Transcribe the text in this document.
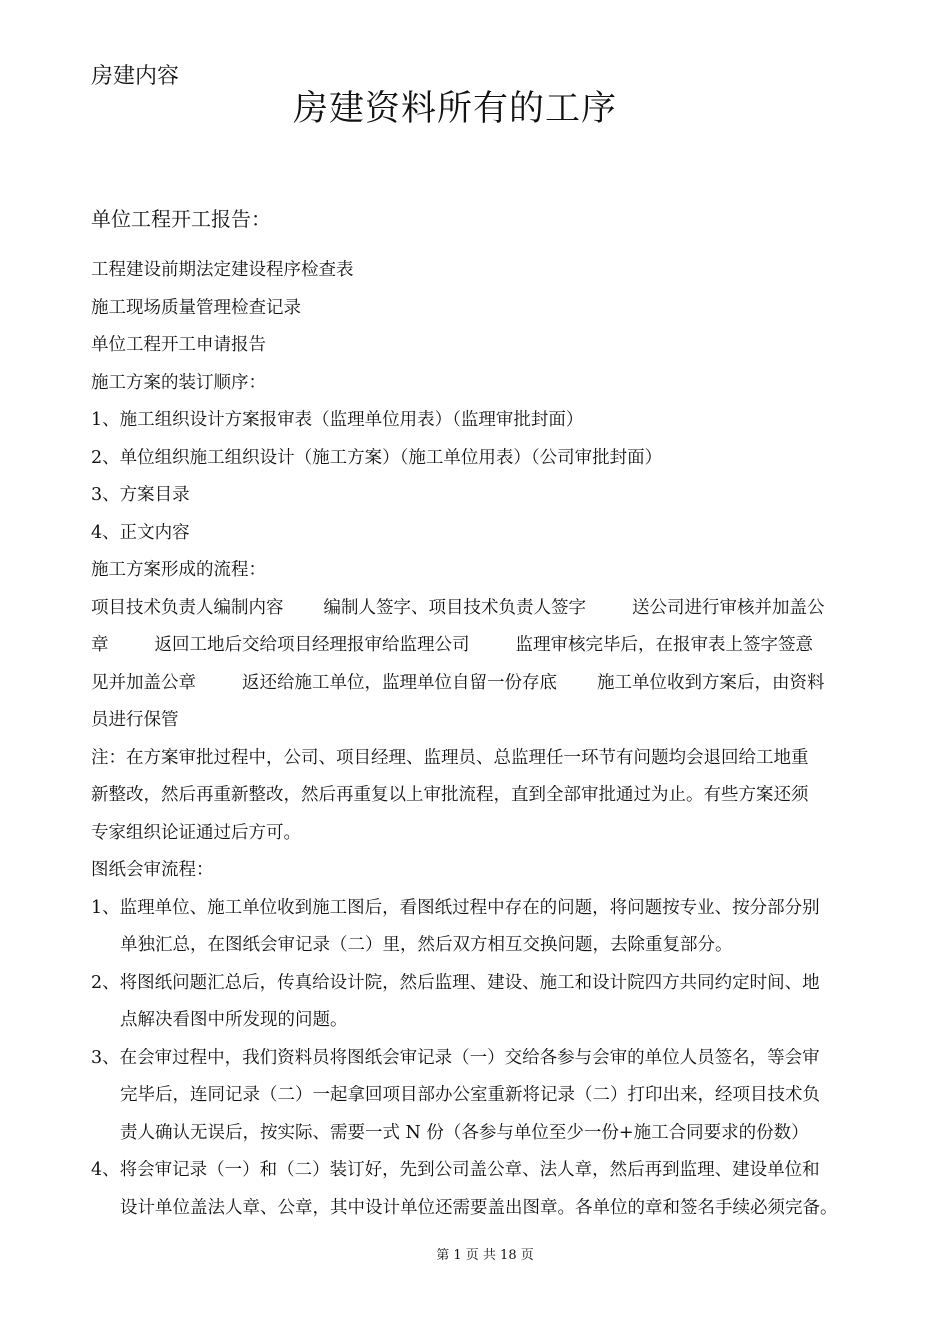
房建内容
房建资料所有的工序
单位工程开工报告：
工程建设前期法定建设程序检查表
施工现场质量管理检查记录
单位工程开工申请报告
施工方案的装订顺序：
1、施工组织设计方案报审表（监理单位用表）（监理审批封面）
2、单位组织施工组织设计（施工方案）（施工单位用表）（公司审批封面）
3、方案目录
4、正文内容
施工方案形成的流程：
项目技术负责人编制内容 编制人签字、项目技术负责人签字	送公司进行审核并加盖公
章	返回工地后交给项目经理报审给监理公司	监理审核完毕后，在报审表上签字签意
见并加盖公章	返还给施工单位，监理单位自留一份存底 施工单位收到方案后，由资料
员进行保管
注：在方案审批过程中，公司、项目经理、监理员、总监理任一环节有问题均会退回给工地重
新整改，然后再重新整改，然后再重复以上审批流程，直到全部审批通过为止。有些方案还须
专家组织论证通过后方可。
图纸会审流程：
1、监理单位、施工单位收到施工图后，看图纸过程中存在的问题，将问题按专业、按分部分别
单独汇总，在图纸会审记录（二）里，然后双方相互交换问题，去除重复部分。
2、将图纸问题汇总后，传真给设计院，然后监理、建设、施工和设计院四方共同约定时间、地
点解决看图中所发现的问题。
3、在会审过程中，我们资料员将图纸会审记录（一）交给各参与会审的单位人员签名，等会审
完毕后，连同记录（二）一起拿回项目部办公室重新将记录（二）打印出来，经项目技术负
责人确认无误后，按实际、需要一式 N 份（各参与单位至少一份+施工合同要求的份数）
4、将会审记录（一）和（二）装订好，先到公司盖公章、法人章，然后再到监理、建设单位和
设计单位盖法人章、公章，其中设计单位还需要盖出图章。各单位的章和签名手续必须完备。
第 1 页 共 18 页
